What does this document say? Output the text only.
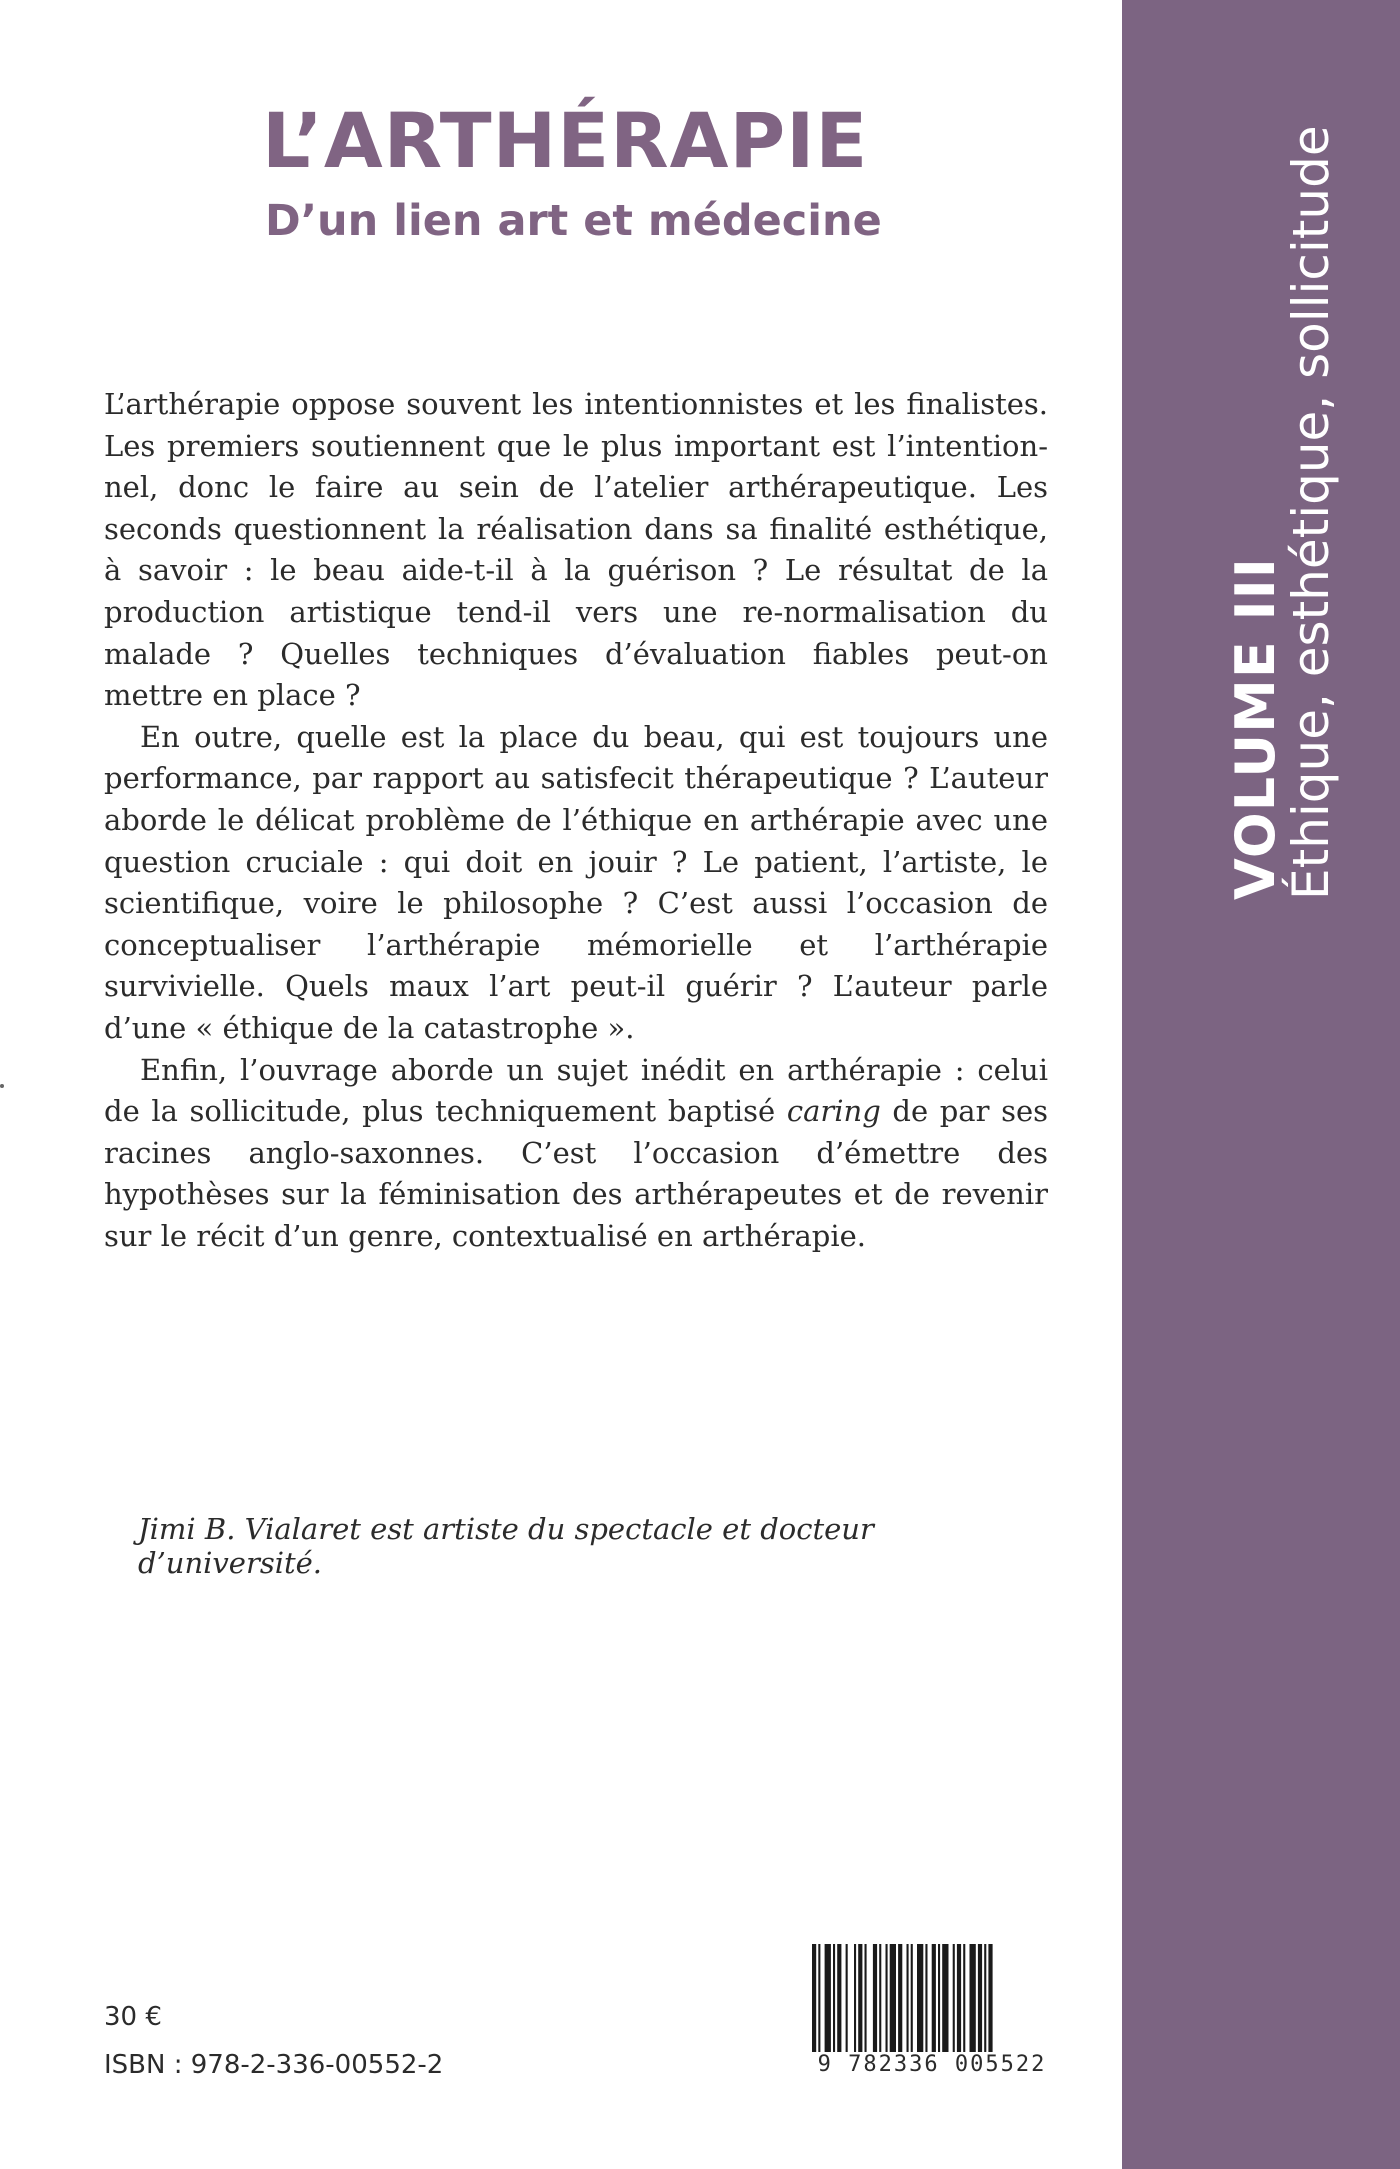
VOLUME III
Éthique, esthétique, sollicitude
L’ARTHÉRAPIE
D’un lien art et médecine

L’arthérapie oppose souvent les intentionnistes et les finalistes. Les premiers soutiennent que le plus important est l’intentionnel, donc le faire au sein de l’atelier arthérapeutique. Les seconds questionnent la réalisation dans sa finalité esthétique, à savoir : le beau aide-t-il à la guérison ? Le résultat de la production artistique tend-il vers une re-normalisation du malade ? Quelles techniques d’évaluation fiables peut-on mettre en place ?

En outre, quelle est la place du beau, qui est toujours une performance, par rapport au satisfecit thérapeutique ? L’auteur aborde le délicat problème de l’éthique en arthérapie avec une question cruciale : qui doit en jouir ? Le patient, l’artiste, le scientifique, voire le philosophe ? C’est aussi l’occasion de conceptualiser l’arthérapie mémorielle et l’arthérapie survivielle. Quels maux l’art peut-il guérir ? L’auteur parle d’une « éthique de la catastrophe ».

Enfin, l’ouvrage aborde un sujet inédit en arthérapie : celui de la sollicitude, plus techniquement baptisé caring de par ses racines anglo-saxonnes. C’est l’occasion d’émettre des hypothèses sur la féminisation des arthérapeutes et de revenir sur le récit d’un genre, contextualisé en arthérapie.

Jimi B. Vialaret est artiste du spectacle et docteur d’université.

30 €
ISBN : 978-2-336-00552-2	9 782336 005522
